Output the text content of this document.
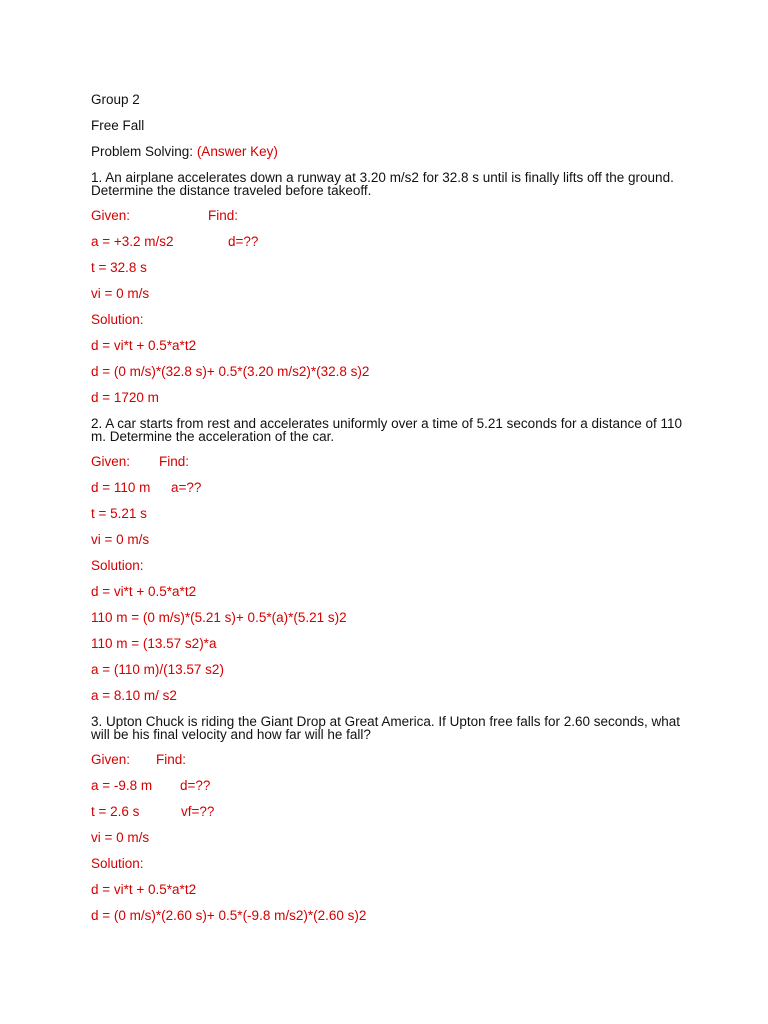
Group 2
Free Fall
Problem Solving: (Answer Key)
1. An airplane accelerates down a runway at 3.20 m/s2 for 32.8 s until is finally lifts off the ground. Determine the distance traveled before takeoff.
Given:	Find:
a = +3.2 m/s2	d=??
t = 32.8 s
vi = 0 m/s
Solution:
d = vi*t + 0.5*a*t2
d = (0 m/s)*(32.8 s)+ 0.5*(3.20 m/s2)*(32.8 s)2
d = 1720 m
2. A car starts from rest and accelerates uniformly over a time of 5.21 seconds for a distance of 110 m. Determine the acceleration of the car.
Given: Find:
d = 110 m a=??
t = 5.21 s
vi = 0 m/s
Solution:
d = vi*t + 0.5*a*t2
110 m = (0 m/s)*(5.21 s)+ 0.5*(a)*(5.21 s)2
110 m = (13.57 s2)*a
a = (110 m)/(13.57 s2)
a = 8.10 m/ s2
3. Upton Chuck is riding the Giant Drop at Great America. If Upton free falls for 2.60 seconds, what will be his final velocity and how far will he fall?
Given: Find:
a = -9.8 m d=??
t = 2.6 s	vf=??
vi = 0 m/s
Solution:
d = vi*t + 0.5*a*t2
d = (0 m/s)*(2.60 s)+ 0.5*(-9.8 m/s2)*(2.60 s)2
